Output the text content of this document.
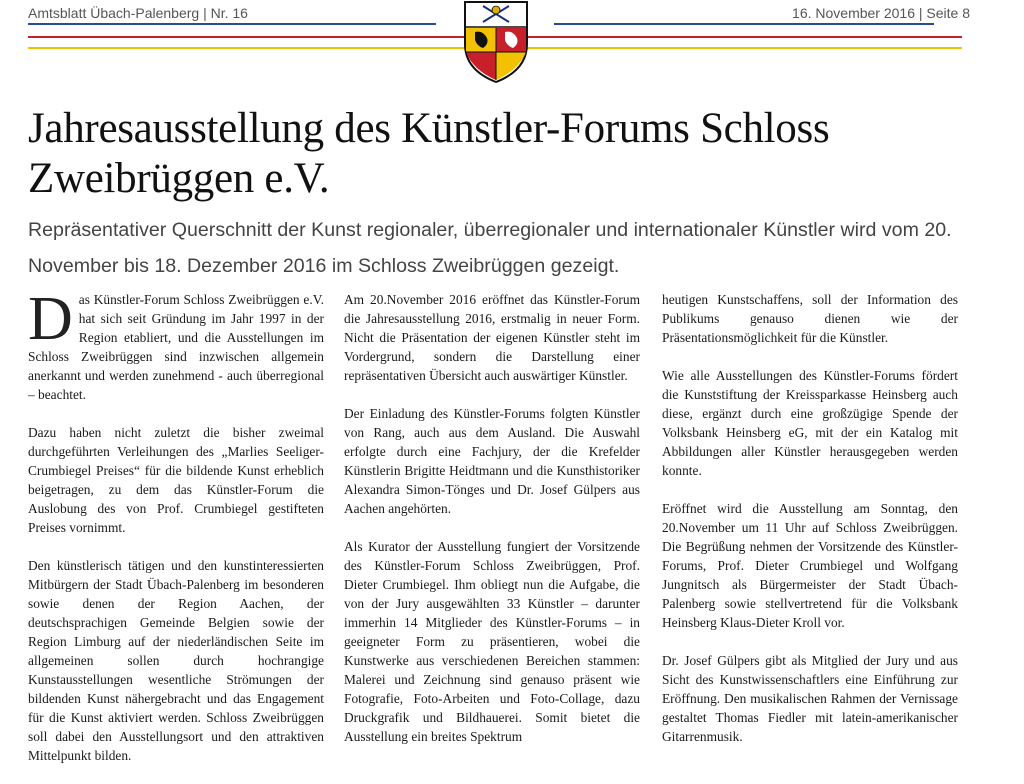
Amtsblatt Übach-Palenberg | Nr. 16	16. November 2016 | Seite 8
Jahresausstellung des Künstler-Forums Schloss Zweibrüggen e.V.

Repräsentativer Querschnitt der Kunst regionaler, überregionaler und internationaler Künstler wird vom 20. November bis 18. Dezember 2016 im Schloss Zweibrüggen gezeigt.

Das Künstler-Forum Schloss Zweibrüggen e.V. hat sich seit Gründung im Jahr 1997 in der Region etabliert, und die Ausstellungen im Schloss Zweibrüggen sind inzwischen allgemein anerkannt und werden zunehmend - auch überregional – beachtet.

Dazu haben nicht zuletzt die bisher zweimal durchgeführten Verleihungen des „Marlies Seeliger-Crumbiegel Preises“ für die bildende Kunst erheblich beigetragen, zu dem das Künstler-Forum die Auslobung des von Prof. Crumbiegel gestifteten Preises vornimmt.

Den künstlerisch tätigen und den kunstinteressierten Mitbürgern der Stadt Übach-Palenberg im besonderen sowie denen der Region Aachen, der deutschsprachigen Gemeinde Belgien sowie der Region Limburg auf der niederländischen Seite im allgemeinen sollen durch hochrangige Kunstausstellungen wesentliche Strömungen der bildenden Kunst nähergebracht und das Engagement für die Kunst aktiviert werden. Schloss Zweibrüggen soll dabei den Ausstellungsort und den attraktiven Mittelpunkt bilden.

Am 20.November 2016 eröffnet das Künstler-Forum die Jahresausstellung 2016, erstmalig in neuer Form. Nicht die Präsentation der eigenen Künstler steht im Vordergrund, sondern die Darstellung einer repräsentativen Übersicht auch auswärtiger Künstler.

Der Einladung des Künstler-Forums folgten Künstler von Rang, auch aus dem Ausland. Die Auswahl erfolgte durch eine Fachjury, der die Krefelder Künstlerin Brigitte Heidtmann und die Kunsthistoriker Alexandra Simon-Tönges und Dr. Josef Gülpers aus Aachen angehörten.

Als Kurator der Ausstellung fungiert der Vorsitzende des Künstler-Forum Schloss Zweibrüggen, Prof. Dieter Crumbiegel. Ihm obliegt nun die Aufgabe, die von der Jury ausgewählten 33 Künstler – darunter immerhin 14 Mitglieder des Künstler-Forums – in geeigneter Form zu präsentieren, wobei die Kunstwerke aus verschiedenen Bereichen stammen: Malerei und Zeichnung sind genauso präsent wie Fotografie, Foto-Arbeiten und Foto-Collage, dazu Druckgrafik und Bildhauerei. Somit bietet die Ausstellung ein breites Spektrum

heutigen Kunstschaffens, soll der Information des Publikums genauso dienen wie der Präsentationsmöglichkeit für die Künstler.

Wie alle Ausstellungen des Künstler-Forums fördert die Kunststiftung der Kreissparkasse Heinsberg auch diese, ergänzt durch eine großzügige Spende der Volksbank Heinsberg eG, mit der ein Katalog mit Abbildungen aller Künstler herausgegeben werden konnte.

Eröffnet wird die Ausstellung am Sonntag, den 20.November um 11 Uhr auf Schloss Zweibrüggen. Die Begrüßung nehmen der Vorsitzende des Künstler-Forums, Prof. Dieter Crumbiegel und Wolfgang Jungnitsch als Bürgermeister der Stadt Übach-Palenberg sowie stellvertretend für die Volksbank Heinsberg Klaus-Dieter Kroll vor.

Dr. Josef Gülpers gibt als Mitglied der Jury und aus Sicht des Kunstwissenschaftlers eine Einführung zur Eröffnung. Den musikalischen Rahmen der Vernissage gestaltet Thomas Fiedler mit latein-amerikanischer Gitarrenmusik.
